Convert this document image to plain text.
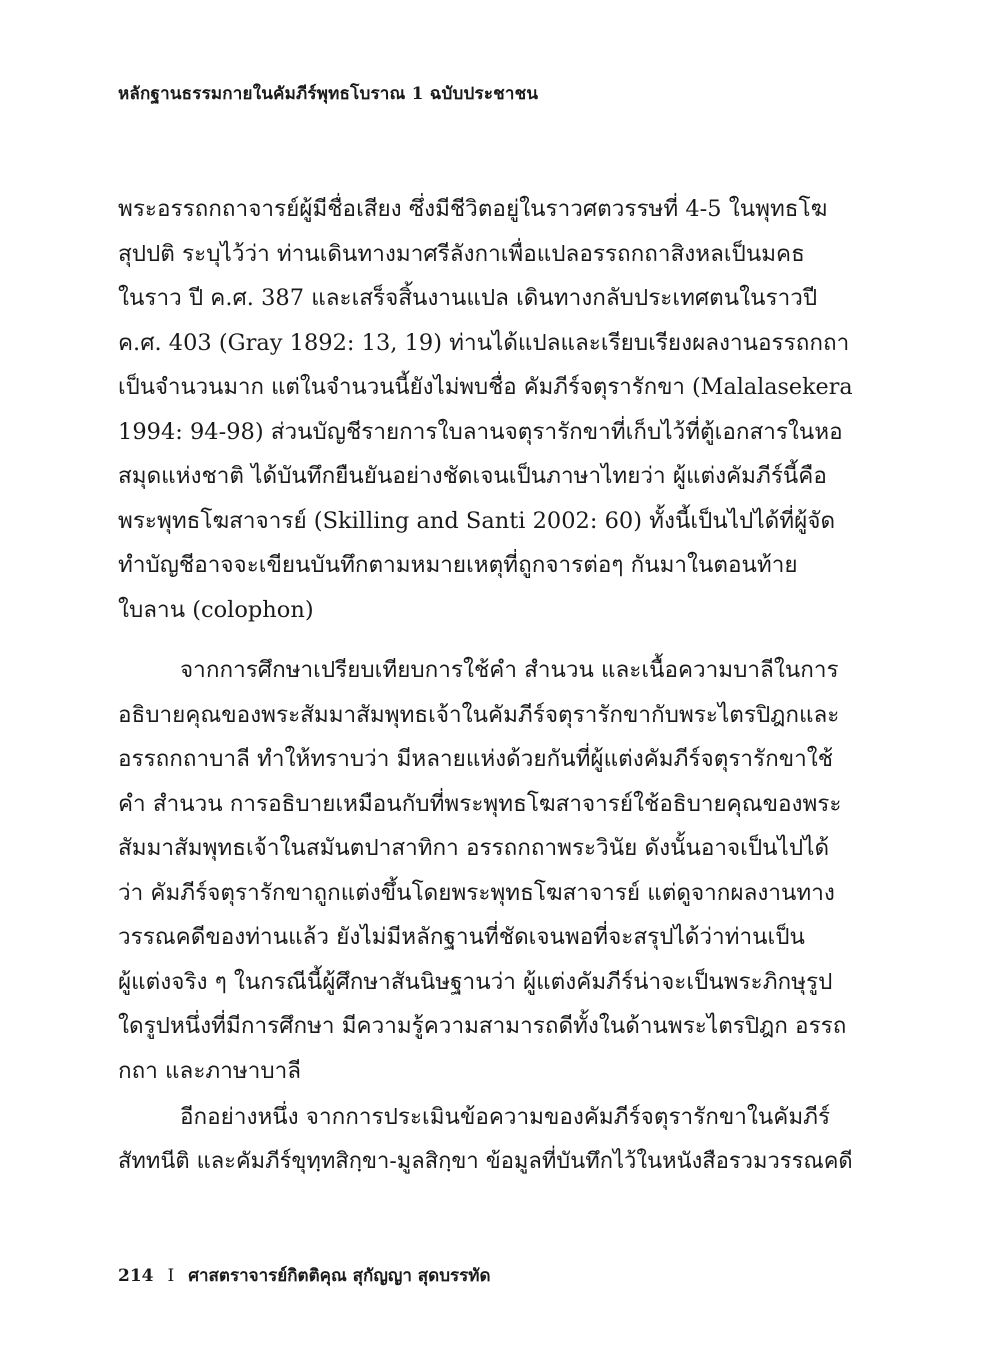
หลักฐานธรรมกายในคัมภีร์พุทธโบราณ 1 ฉบับประชาชน
พระอรรถกถาจารย์ผู้มีชื่อเสียง ซึ่งมีชีวิตอยู่ในราวศตวรรษที่ 4-5 ในพุทธโฆ
สุปปติ ระบุไว้ว่า ท่านเดินทางมาศรีลังกาเพื่อแปลอรรถกถาสิงหลเป็นมคธ
ในราว ปี ค.ศ. 387 และเสร็จสิ้นงานแปล เดินทางกลับประเทศตนในราวปี
ค.ศ. 403 (Gray 1892: 13, 19) ท่านได้แปลและเรียบเรียงผลงานอรรถกถา
เป็นจำนวนมาก แต่ในจำนวนนี้ยังไม่พบชื่อ คัมภีร์จตุรารักขา (Malalasekera
1994: 94-98) ส่วนบัญชีรายการใบลานจตุรารักขาที่เก็บไว้ที่ตู้เอกสารในหอ
สมุดแห่งชาติ ได้บันทึกยืนยันอย่างชัดเจนเป็นภาษาไทยว่า ผู้แต่งคัมภีร์นี้คือ
พระพุทธโฆสาจารย์ (Skilling and Santi 2002: 60) ทั้งนี้เป็นไปได้ที่ผู้จัด
ทำบัญชีอาจจะเขียนบันทึกตามหมายเหตุที่ถูกจารต่อๆ กันมาในตอนท้าย
ใบลาน (colophon)
จากการศึกษาเปรียบเทียบการใช้คำ สำนวน และเนื้อความบาลีในการ
อธิบายคุณของพระสัมมาสัมพุทธเจ้าในคัมภีร์จตุรารักขากับพระไตรปิฎกและ
อรรถกถาบาลี ทำให้ทราบว่า มีหลายแห่งด้วยกันที่ผู้แต่งคัมภีร์จตุรารักขาใช้
คำ สำนวน การอธิบายเหมือนกับที่พระพุทธโฆสาจารย์ใช้อธิบายคุณของพระ
สัมมาสัมพุทธเจ้าในสมันตปาสาทิกา อรรถกถาพระวินัย ดังนั้นอาจเป็นไปได้
ว่า คัมภีร์จตุรารักขาถูกแต่งขึ้นโดยพระพุทธโฆสาจารย์ แต่ดูจากผลงานทาง
วรรณคดีของท่านแล้ว ยังไม่มีหลักฐานที่ชัดเจนพอที่จะสรุปได้ว่าท่านเป็น
ผู้แต่งจริง ๆ ในกรณีนี้ผู้ศึกษาสันนิษฐานว่า ผู้แต่งคัมภีร์น่าจะเป็นพระภิกษุรูป
ใดรูปหนึ่งที่มีการศึกษา มีความรู้ความสามารถดีทั้งในด้านพระไตรปิฎก อรรถ
กถา และภาษาบาลี
อีกอย่างหนึ่ง จากการประเมินข้อความของคัมภีร์จตุรารักขาในคัมภีร์
สัททนีติ และคัมภีร์ขุทฺทสิกฺขา-มูลสิกฺขา ข้อมูลที่บันทึกไว้ในหนังสือรวมวรรณคดี
214 I ศาสตราจารย์กิตติคุณ สุกัญญา สุดบรรทัด
